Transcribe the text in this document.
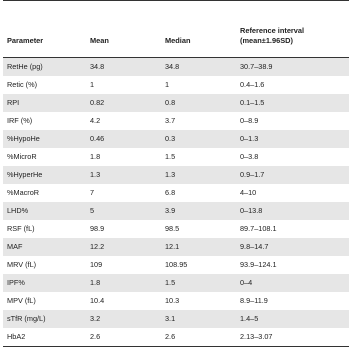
Parameter	Mean	Median	Reference interval
(mean±1.96SD)
RetHe (pg)	34.8	34.8	30.7–38.9
Retic (%)	1	1	0.4–1.6
RPI	0.82	0.8	0.1–1.5
IRF (%)	4.2	3.7	0–8.9
%HypoHe	0.46	0.3	0–1.3
%MicroR	1.8	1.5	0–3.8
%HyperHe	1.3	1.3	0.9–1.7
%MacroR	7	6.8	4–10
LHD%	5	3.9	0–13.8
RSF (fL)	98.9	98.5	89.7–108.1
MAF	12.2	12.1	9.8–14.7
MRV (fL)	109	108.95	93.9–124.1
IPF%	1.8	1.5	0–4
MPV (fL)	10.4	10.3	8.9–11.9
sTfR (mg/L)	3.2	3.1	1.4–5
HbA2	2.6	2.6	2.13–3.07
